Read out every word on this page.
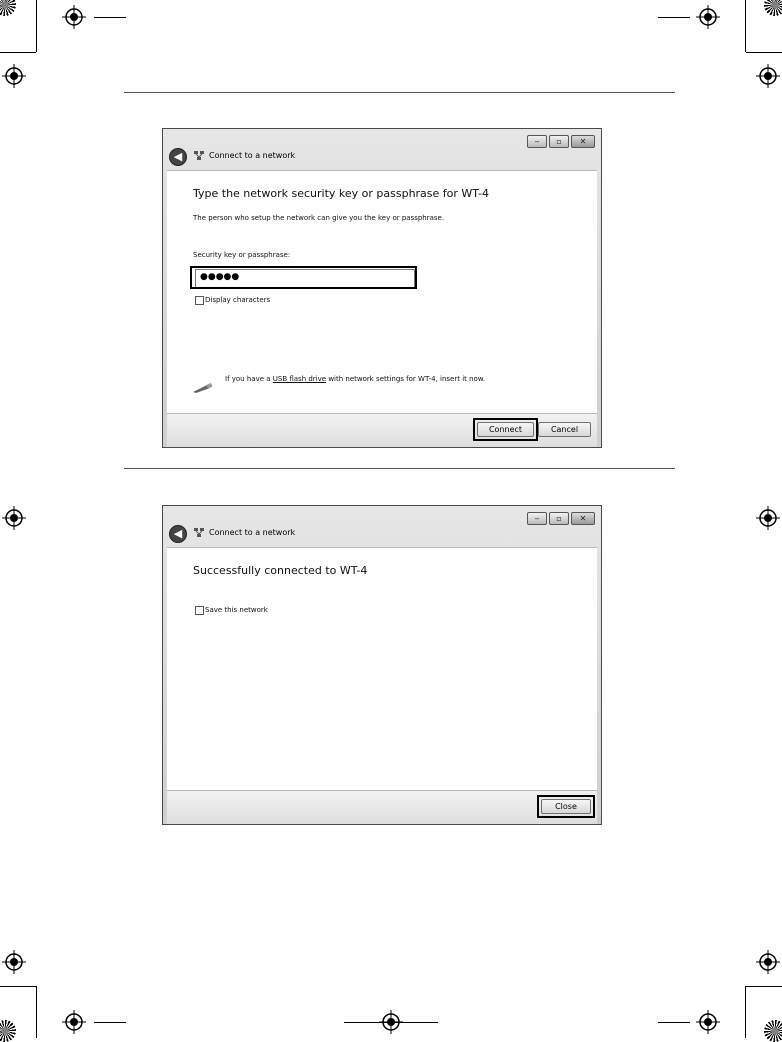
‒	▫	✕
◀	Connect to a network
Type the network security key or passphrase for WT-4
The person who setup the network can give you the key or passphrase.
Security key or passphrase:
●●●●●
Display characters
If you have a USB flash drive with network settings for WT-4, insert it now.
Connect	Cancel
‒	▫	✕
◀	Connect to a network
Successfully connected to WT-4
Save this network
Close
